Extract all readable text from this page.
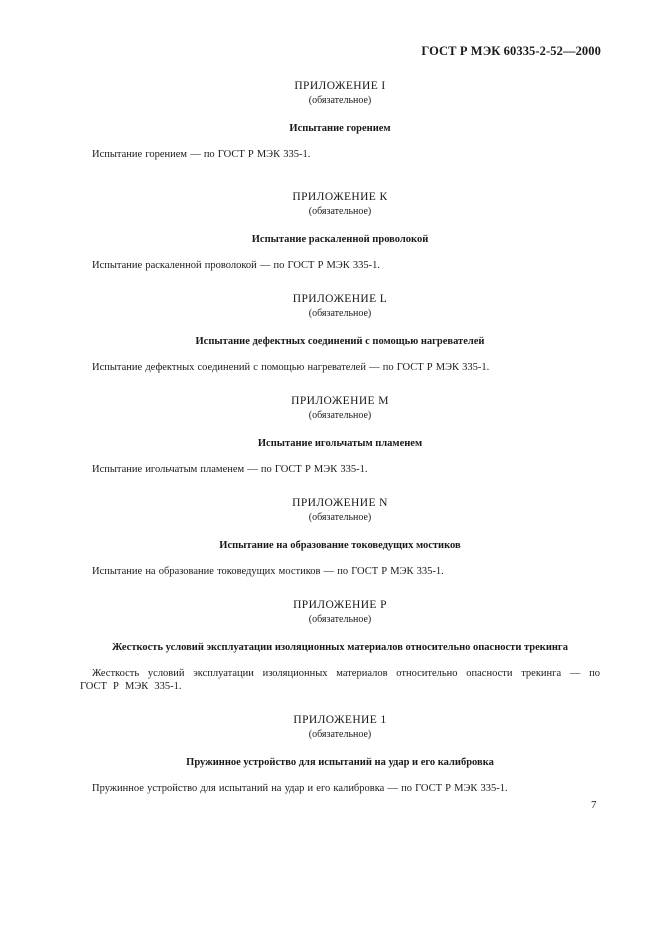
ГОСТ Р МЭК 60335-2-52—2000
ПРИЛОЖЕНИЕ I
(обязательное)
Испытание горением
Испытание горением — по ГОСТ Р МЭК 335-1.
ПРИЛОЖЕНИЕ К
(обязательное)
Испытание раскаленной проволокой
Испытание раскаленной проволокой — по ГОСТ Р МЭК 335-1.
ПРИЛОЖЕНИЕ L
(обязательное)
Испытание дефектных соединений с помощью нагревателей
Испытание дефектных соединений с помощью нагревателей — по ГОСТ Р МЭК 335-1.
ПРИЛОЖЕНИЕ М
(обязательное)
Испытание игольчатым пламенем
Испытание игольчатым пламенем — по ГОСТ Р МЭК 335-1.
ПРИЛОЖЕНИЕ N
(обязательное)
Испытание на образование токоведущих мостиков
Испытание на образование токоведущих мостиков — по ГОСТ Р МЭК 335-1.
ПРИЛОЖЕНИЕ Р
(обязательное)
Жесткость условий эксплуатации изоляционных материалов относительно опасности трекинга
Жесткость условий эксплуатации изоляционных материалов относительно опасности трекинга — по ГОСТ Р МЭК 335-1.
ПРИЛОЖЕНИЕ 1
(обязательное)
Пружинное устройство для испытаний на удар и его калибровка
Пружинное устройство для испытаний на удар и его калибровка — по ГОСТ Р МЭК 335-1.
7
